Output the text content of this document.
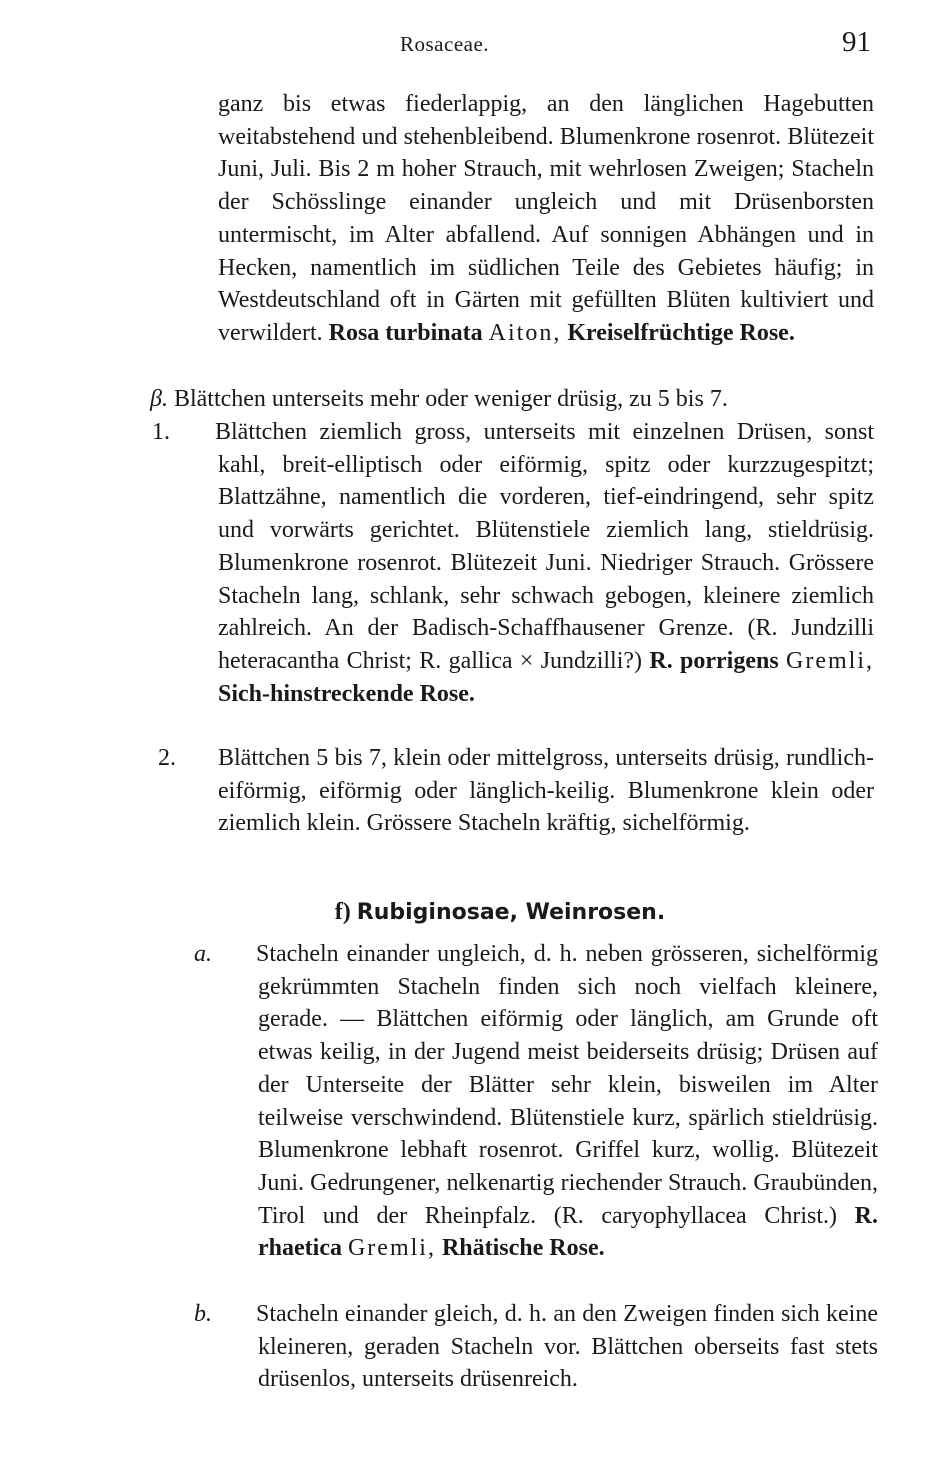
Rosaceae.	91

ganz bis etwas fiederlappig, an den länglichen Hagebutten weitabstehend und stehenbleibend. Blumenkrone rosenrot. Blütezeit Juni, Juli. Bis 2 m hoher Strauch, mit wehrlosen Zweigen; Stacheln der Schösslinge einander ungleich und mit Drüsenborsten untermischt, im Alter abfallend. Auf sonnigen Abhängen und in Hecken, namentlich im südlichen Teile des Gebietes häufig; in Westdeutschland oft in Gärten mit gefüllten Blüten kultiviert und verwildert. Rosa turbinata Aiton, Kreiselfrüchtige Rose.

β. Blättchen unterseits mehr oder weniger drüsig, zu 5 bis 7.

1. Blättchen ziemlich gross, unterseits mit einzelnen Drüsen, sonst kahl, breit-elliptisch oder eiförmig, spitz oder kurzzugespitzt; Blattzähne, namentlich die vorderen, tief-eindringend, sehr spitz und vorwärts gerichtet. Blütenstiele ziemlich lang, stieldrüsig. Blumenkrone rosenrot. Blütezeit Juni. Niedriger Strauch. Grössere Stacheln lang, schlank, sehr schwach gebogen, kleinere ziemlich zahlreich. An der Badisch-Schaffhausener Grenze. (R. Jundzilli heteracantha Christ; R. gallica × Jundzilli?) R. porrigens Gremli, Sich-hinstreckende Rose.

2. Blättchen 5 bis 7, klein oder mittelgross, unterseits drüsig, rundlich-eiförmig, eiförmig oder länglich-keilig. Blumenkrone klein oder ziemlich klein. Grössere Stacheln kräftig, sichelförmig.

f) Rubiginosae, Weinrosen.

a. Stacheln einander ungleich, d. h. neben grösseren, sichelförmig gekrümmten Stacheln finden sich noch vielfach kleinere, gerade. — Blättchen eiförmig oder länglich, am Grunde oft etwas keilig, in der Jugend meist beiderseits drüsig; Drüsen auf der Unterseite der Blätter sehr klein, bisweilen im Alter teilweise verschwindend. Blütenstiele kurz, spärlich stieldrüsig. Blumenkrone lebhaft rosenrot. Griffel kurz, wollig. Blütezeit Juni. Gedrungener, nelkenartig riechender Strauch. Graubünden, Tirol und der Rheinpfalz. (R. caryophyllacea Christ.) R. rhaetica Gremli, Rhätische Rose.

b. Stacheln einander gleich, d. h. an den Zweigen finden sich keine kleineren, geraden Stacheln vor. Blättchen oberseits fast stets drüsenlos, unterseits drüsenreich.
